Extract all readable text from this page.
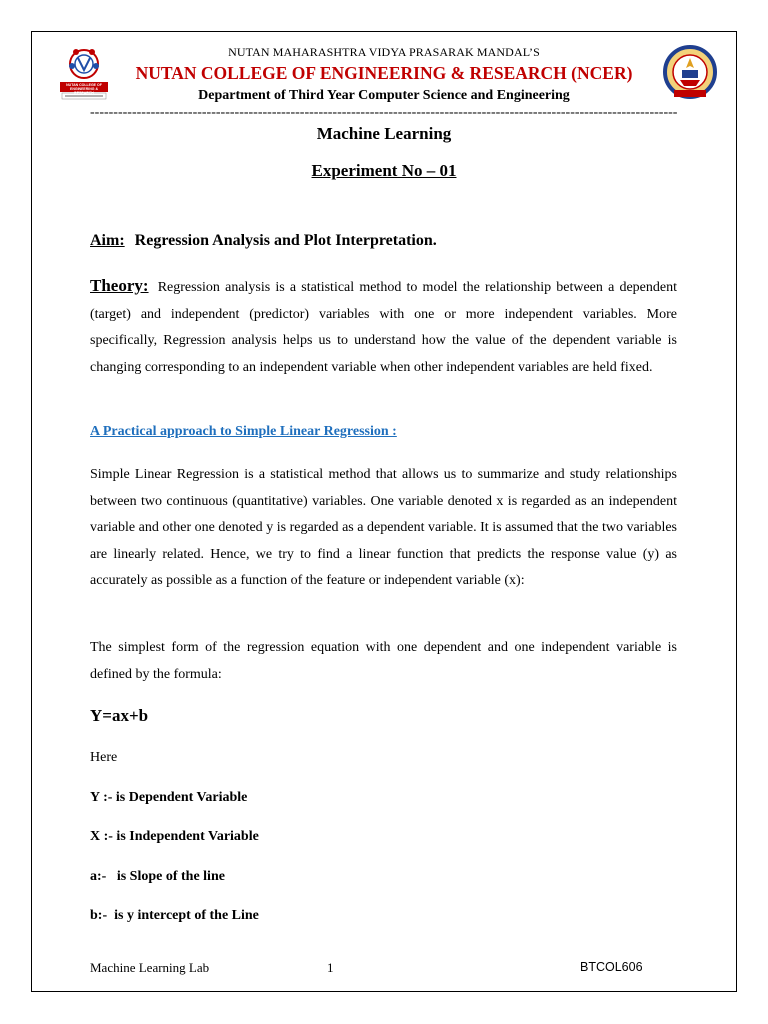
NUTAN COLLEGE OF ENGINEERING & RESEARCH
NUTAN MAHARASHTRA VIDYA PRASARAK MANDAL’S
NUTAN COLLEGE OF ENGINEERING & RESEARCH (NCER)
Department of Third Year Computer Science and Engineering
------------------------------------------------------------------------------------------------------------------------------
Machine Learning
Experiment No – 01
Aim: Regression Analysis and Plot Interpretation.
Theory: Regression analysis is a statistical method to model the relationship between a dependent (target) and independent (predictor) variables with one or more independent variables. More specifically, Regression analysis helps us to understand how the value of the dependent variable is changing corresponding to an independent variable when other independent variables are held fixed.
A Practical approach to Simple Linear Regression :
Simple Linear Regression is a statistical method that allows us to summarize and study relationships between two continuous (quantitative) variables. One variable denoted x is regarded as an independent variable and other one denoted y is regarded as a dependent variable. It is assumed that the two variables are linearly related. Hence, we try to find a linear function that predicts the response value (y) as accurately as possible as a function of the feature or independent variable (x):
The simplest form of the regression equation with one dependent and one independent variable is defined by the formula:
Y=ax+b
Here
Y :- is Dependent Variable
X :- is Independent Variable
a:-   is Slope of the line
b:-  is y intercept of the Line
Machine Learning Lab	1	BTCOL606
